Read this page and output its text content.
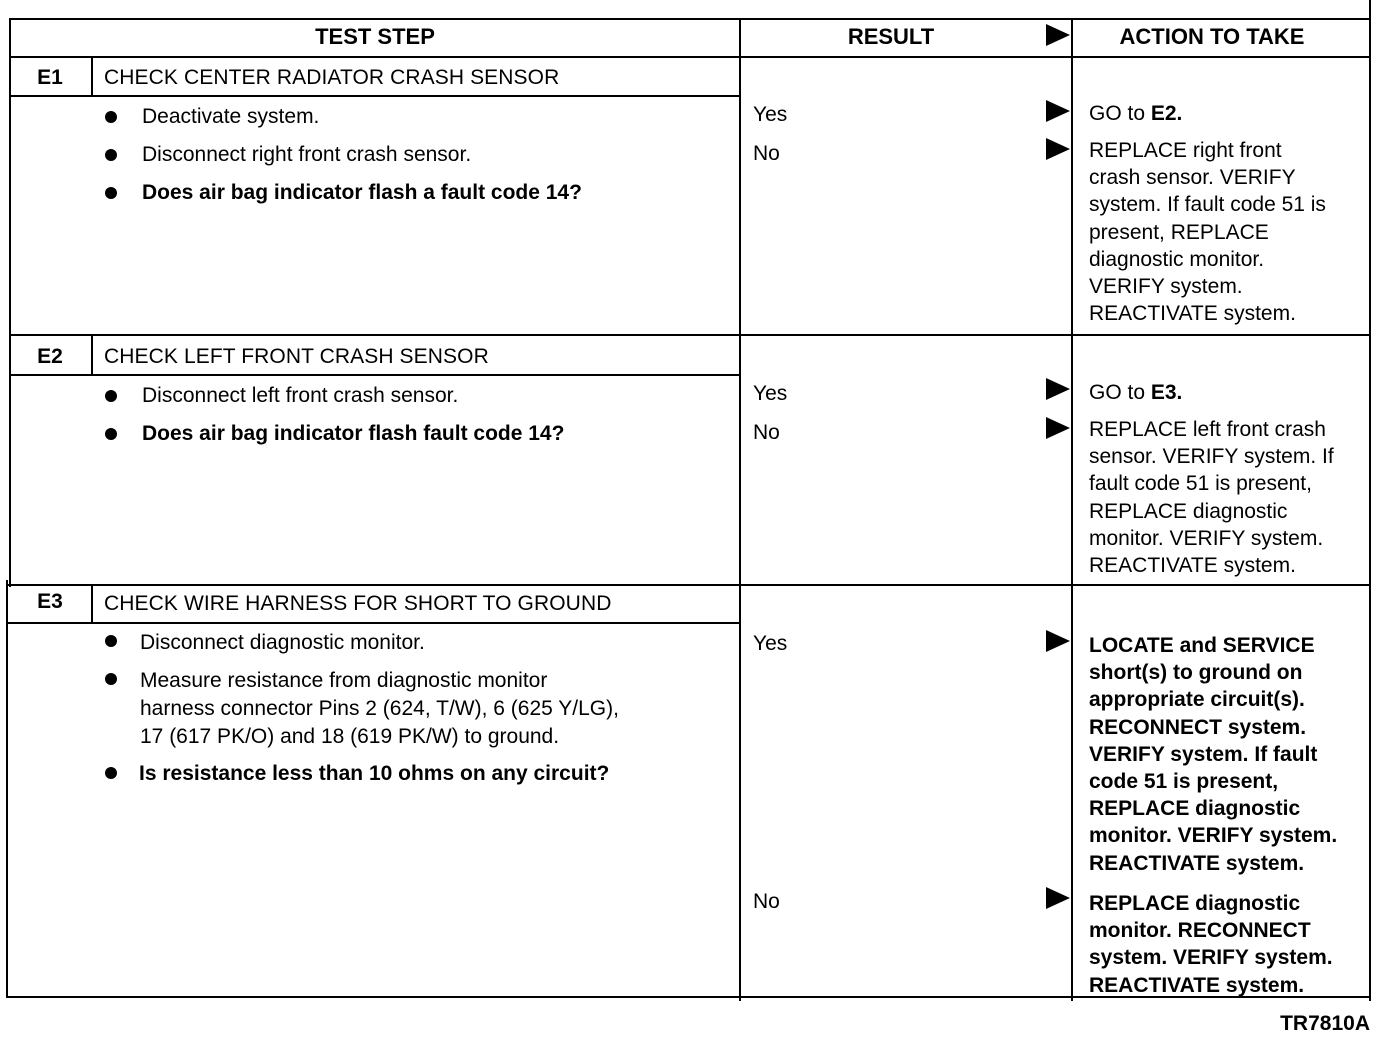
TEST STEP	RESULT	ACTION TO TAKE
E1	CHECK CENTER RADIATOR CRASH SENSOR
Deactivate system.
Disconnect right front crash sensor.
Does air bag indicator flash a fault code 14?
Yes	GO to E2.
No	REPLACE right front
crash sensor. VERIFY
system. If fault code 51 is
present, REPLACE
diagnostic monitor.
VERIFY system.
REACTIVATE system.
E2	CHECK LEFT FRONT CRASH SENSOR
Disconnect left front crash sensor.
Does air bag indicator flash fault code 14?
Yes	GO to E3.
No	REPLACE left front crash
sensor. VERIFY system. If
fault code 51 is present,
REPLACE diagnostic
monitor. VERIFY system.
REACTIVATE system.
E3	CHECK WIRE HARNESS FOR SHORT TO GROUND
Disconnect diagnostic monitor.
Measure resistance from diagnostic monitor
harness connector Pins 2 (624, T/W), 6 (625 Y/LG),
17 (617 PK/O) and 18 (619 PK/W) to ground.
Is resistance less than 10 ohms on any circuit?
Yes	LOCATE and SERVICE
short(s) to ground on
appropriate circuit(s).
RECONNECT system.
VERIFY system. If fault
code 51 is present,
REPLACE diagnostic
monitor. VERIFY system.
REACTIVATE system.
No	REPLACE diagnostic
monitor. RECONNECT
system. VERIFY system.
REACTIVATE system.
TR7810A
